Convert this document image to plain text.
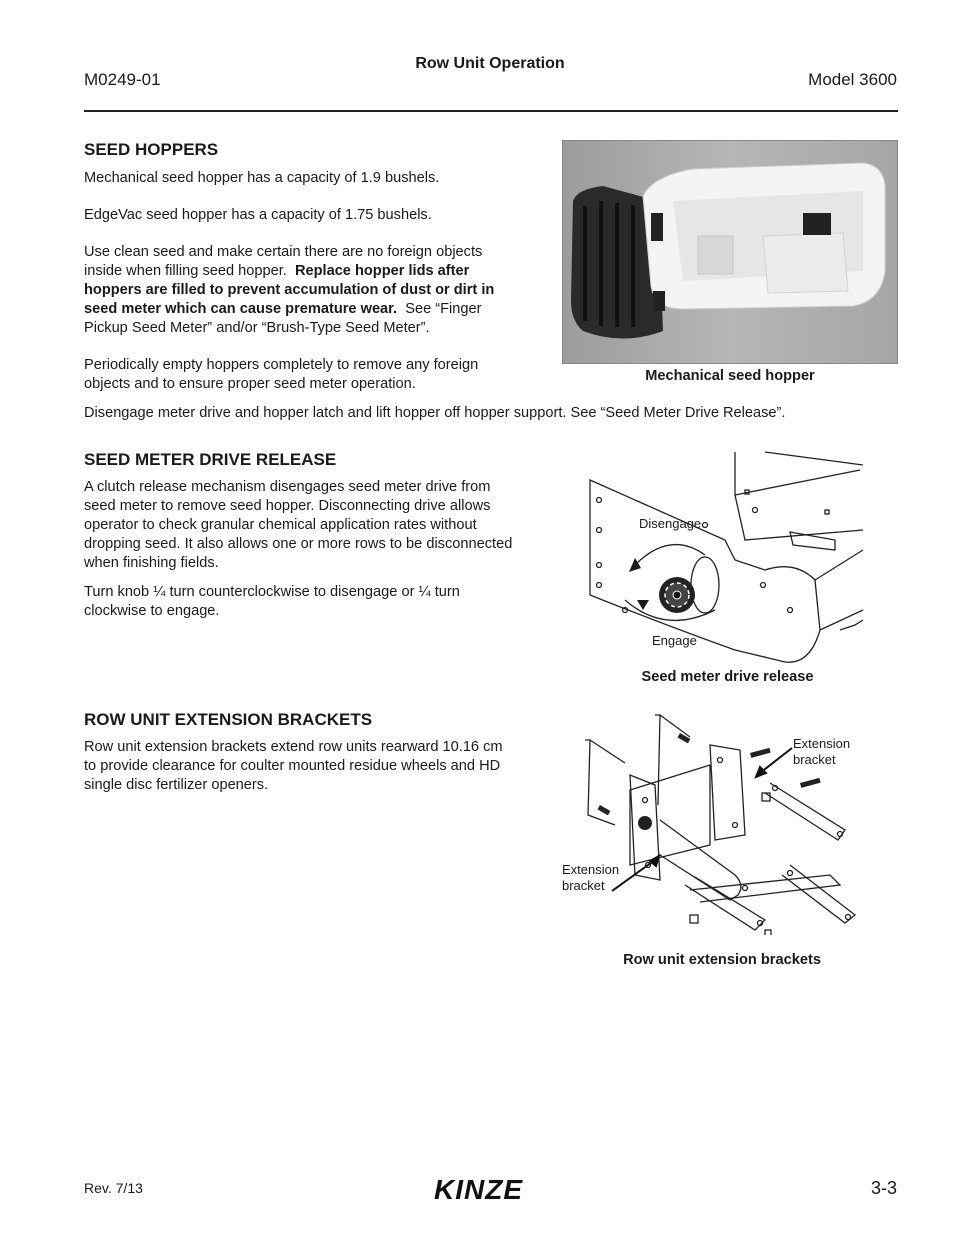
M0249-01
Row Unit Operation
Model 3600
SEED HOPPERS

Mechanical seed hopper has a capacity of 1.9 bushels.

EdgeVac seed hopper has a capacity of 1.75 bushels.

Use clean seed and make certain there are no foreign objects inside when filling seed hopper. Replace hopper lids after hoppers are filled to prevent accumulation of dust or dirt in seed meter which can cause premature wear. See “Finger Pickup Seed Meter” and/or “Brush-Type Seed Meter”.

Periodically empty hoppers completely to remove any foreign objects and to ensure proper seed meter operation.	Mechanical seed hopper

Disengage meter drive and hopper latch and lift hopper off hopper support. See “Seed Meter Drive Release”.

SEED METER DRIVE RELEASE

A clutch release mechanism disengages seed meter drive from seed meter to remove seed hopper. Disconnecting drive allows operator to check granular chemical application rates without dropping seed. It also allows one or more rows to be disconnected when finishing fields.

Turn knob ¼ turn counterclockwise to disengage or ¼ turn clockwise to engage.

Disengage
Engage
Seed meter drive release
ROW UNIT EXTENSION BRACKETS

Row unit extension brackets extend row units rearward 10.16 cm to provide clearance for coulter mounted residue wheels and HD single disc fertilizer openers.

Extension
bracket
Extension
bracket
Row unit extension brackets
Rev. 7/13	KINZE	3-3
